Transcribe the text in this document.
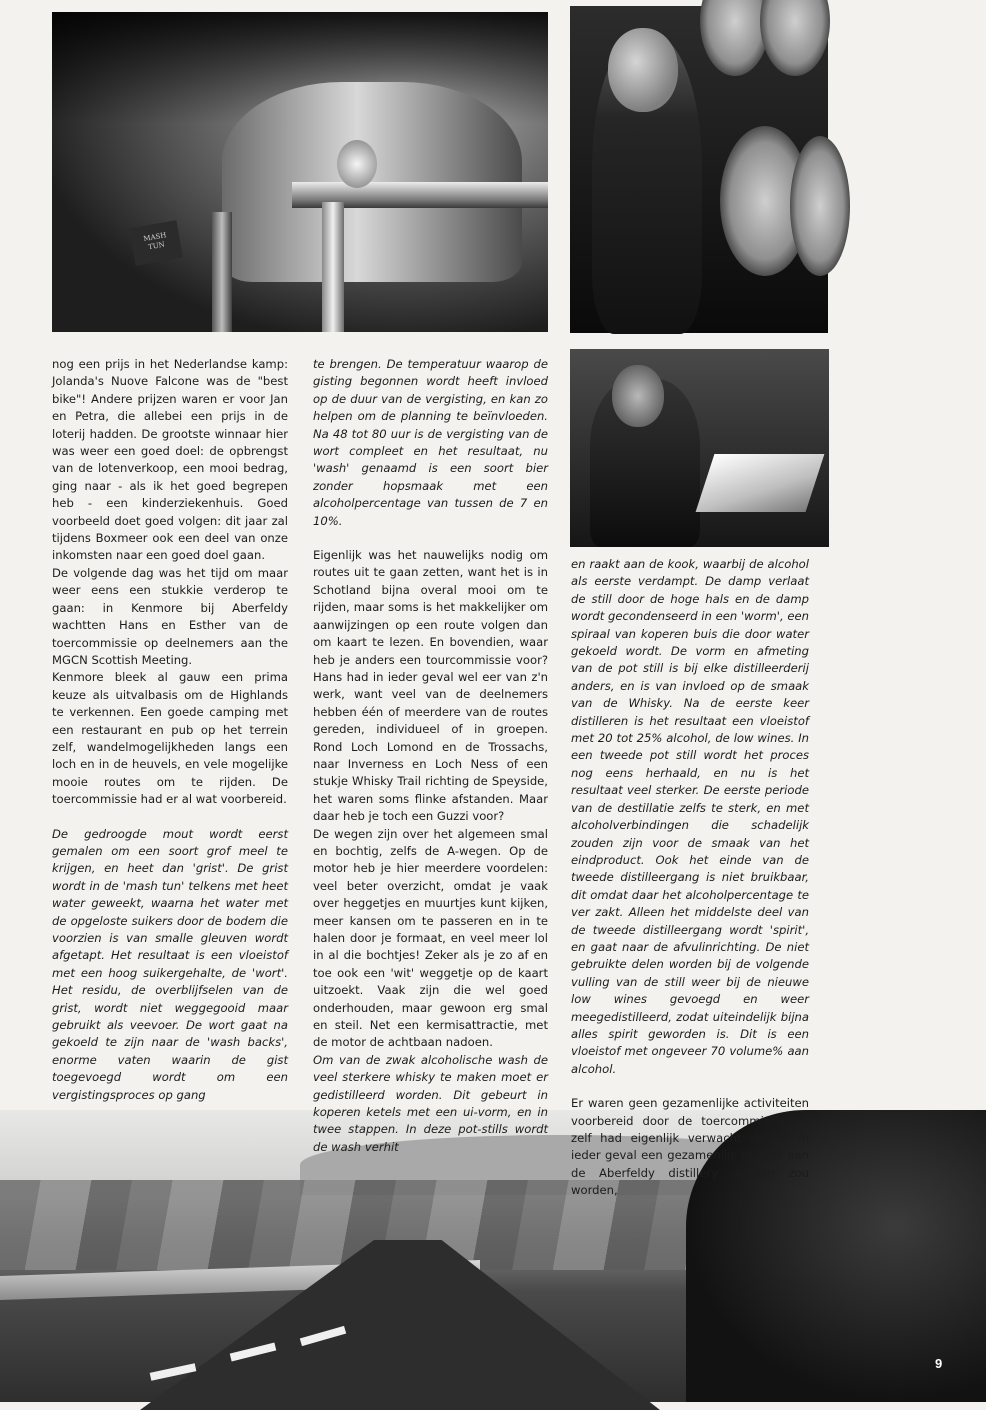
MASH
TUN

nog een prijs in het Nederlandse kamp: Jolanda's Nuove Falcone was de "best bike"! Andere prijzen waren er voor Jan en Petra, die allebei een prijs in de loterij hadden. De grootste winnaar hier was weer een goed doel: de opbrengst van de lotenverkoop, een mooi bedrag, ging naar - als ik het goed begrepen heb - een kinderziekenhuis. Goed voorbeeld doet goed volgen: dit jaar zal tijdens Boxmeer ook een deel van onze inkomsten naar een goed doel gaan.

De volgende dag was het tijd om maar weer eens een stukkie verderop te gaan: in Kenmore bij Aberfeldy wachtten Hans en Esther van de toercommissie op deelnemers aan the MGCN Scottish Meeting.

Kenmore bleek al gauw een prima keuze als uitvalbasis om de Highlands te verkennen. Een goede camping met een restaurant en pub op het terrein zelf, wandelmogelijkheden langs een loch en in de heuvels, en vele mogelijke mooie routes om te rijden. De toercommissie had er al wat voorbereid.

De gedroogde mout wordt eerst gemalen om een soort grof meel te krijgen, en heet dan 'grist'. De grist wordt in de 'mash tun' telkens met heet water geweekt, waarna het water met de opgeloste suikers door de bodem die voorzien is van smalle gleuven wordt afgetapt. Het resultaat is een vloeistof met een hoog suikergehalte, de 'wort'. Het residu, de overblijfselen van de grist, wordt niet weggegooid maar gebruikt als veevoer. De wort gaat na gekoeld te zijn naar de 'wash backs', enorme vaten waarin de gist toegevoegd wordt om een vergistingsproces op gang

te brengen. De temperatuur waarop de gisting begonnen wordt heeft invloed op de duur van de vergisting, en kan zo helpen om de planning te beïnvloeden. Na 48 tot 80 uur is de vergisting van de wort compleet en het resultaat, nu 'wash' genaamd is een soort bier zonder hopsmaak met een alcoholpercentage van tussen de 7 en 10%.

Eigenlijk was het nauwelijks nodig om routes uit te gaan zetten, want het is in Schotland bijna overal mooi om te rijden, maar soms is het makkelijker om aanwijzingen op een route volgen dan om kaart te lezen. En bovendien, waar heb je anders een tourcommissie voor? Hans had in ieder geval wel eer van z'n werk, want veel van de deelnemers hebben één of meerdere van de routes gereden, individueel of in groepen. Rond Loch Lomond en de Trossachs, naar Inverness en Loch Ness of een stukje Whisky Trail richting de Speyside, het waren soms flinke afstanden. Maar daar heb je toch een Guzzi voor?

De wegen zijn over het algemeen smal en bochtig, zelfs de A-wegen. Op de motor heb je hier meerdere voordelen: veel beter overzicht, omdat je vaak over heggetjes en muurtjes kunt kijken, meer kansen om te passeren en in te halen door je formaat, en veel meer lol in al die bochtjes! Zeker als je zo af en toe ook een 'wit' weggetje op de kaart uitzoekt. Vaak zijn die wel goed onderhouden, maar gewoon erg smal en steil. Net een kermisattractie, met de motor de achtbaan nadoen.

Om van de zwak alcoholische wash de veel sterkere whisky te maken moet er gedistilleerd worden. Dit gebeurt in koperen ketels met een ui-vorm, en in twee stappen. In deze pot-stills wordt de wash verhit

en raakt aan de kook, waarbij de alcohol als eerste verdampt. De damp verlaat de still door de hoge hals en de damp wordt gecondenseerd in een 'worm', een spiraal van koperen buis die door water gekoeld wordt. De vorm en afmeting van de pot still is bij elke distilleerderij anders, en is van invloed op de smaak van de Whisky. Na de eerste keer distilleren is het resultaat een vloeistof met 20 tot 25% alcohol, de low wines. In een tweede pot still wordt het proces nog eens herhaald, en nu is het resultaat veel sterker. De eerste periode van de destillatie zelfs te sterk, en met alcoholverbindingen die schadelijk zouden zijn voor de smaak van het eindproduct. Ook het einde van de tweede distilleergang is niet bruikbaar, dit omdat daar het alcoholpercentage te ver zakt. Alleen het middelste deel van de tweede distilleergang wordt 'spirit', en gaat naar de afvulinrichting. De niet gebruikte delen worden bij de volgende vulling van de still weer bij de nieuwe low wines gevoegd en weer meegedistilleerd, zodat uiteindelijk bijna alles spirit geworden is. Dit is een vloeistof met ongeveer 70 volume% aan alcohol.

Er waren geen gezamenlijke activiteiten voorbereid door de toercommissie. Ik zelf had eigenlijk verwacht dat er in ieder geval een gezamenlijk bezoek aan de Aberfeldy distillery gedaan zou worden,

9
